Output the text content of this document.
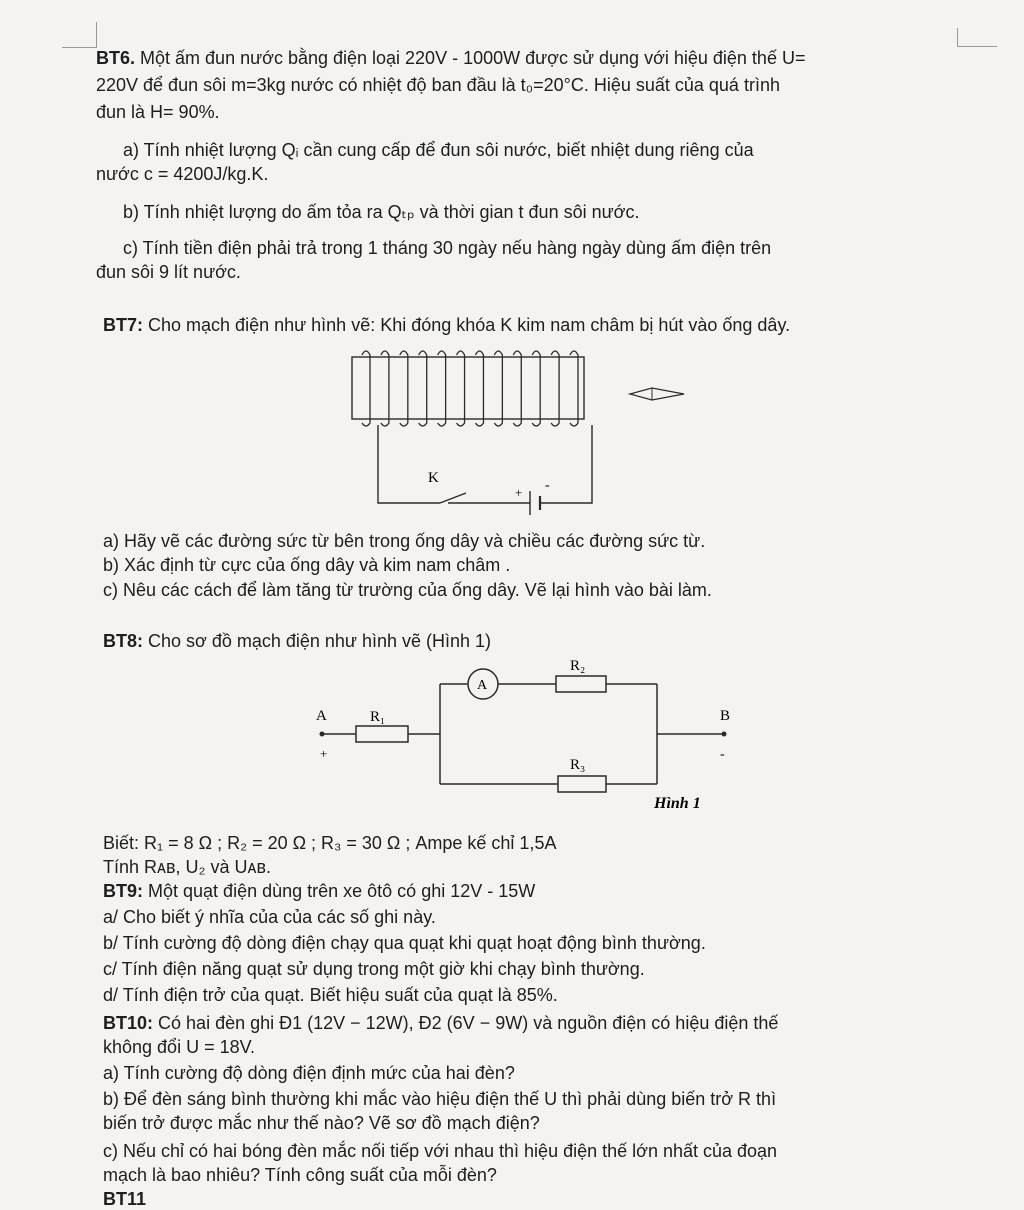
BT6. Một ấm đun nước bằng điện loại 220V - 1000W được sử dụng với hiệu điện thế U=
220V để đun sôi m=3kg nước có nhiệt độ ban đầu là t₀=20°C. Hiệu suất của quá trình
đun là H= 90%.
a) Tính nhiệt lượng Qᵢ cần cung cấp để đun sôi nước, biết nhiệt dung riêng của
nước c = 4200J/kg.K.
b) Tính nhiệt lượng do ấm tỏa ra Qₜₚ và thời gian t đun sôi nước.
c) Tính tiền điện phải trả trong 1 tháng 30 ngày nếu hàng ngày dùng ấm điện trên
đun sôi 9 lít nước.
BT7: Cho mạch điện như hình vẽ: Khi đóng khóa K kim nam châm bị hút vào ống dây.
K
+ -
a) Hãy vẽ các đường sức từ bên trong ống dây và chiều các đường sức từ.
b) Xác định từ cực của ống dây và kim nam châm .
c) Nêu các cách để làm tăng từ trường của ống dây. Vẽ lại hình vào bài làm.
BT8: Cho sơ đồ mạch điện như hình vẽ (Hình 1)
R₁
A
R₂
R₃
A	B
+	-
Hình 1
Biết: R₁ = 8 Ω ; R₂ = 20 Ω ; R₃ = 30 Ω ; Ampe kế chỉ 1,5A
Tính Rᴀʙ, U₂ và Uᴀʙ.
BT9: Một quạt điện dùng trên xe ôtô có ghi 12V - 15W
a/ Cho biết ý nhĩa của của các số ghi này.
b/ Tính cường độ dòng điện chạy qua quạt khi quạt hoạt động bình thường.
c/ Tính điện năng quạt sử dụng trong một giờ khi chạy bình thường.
d/ Tính điện trở của quạt. Biết hiệu suất của quạt là 85%.
BT10: Có hai đèn ghi Đ1 (12V − 12W), Đ2 (6V − 9W) và nguồn điện có hiệu điện thế
không đổi U = 18V.
a) Tính cường độ dòng điện định mức của hai đèn?
b) Để đèn sáng bình thường khi mắc vào hiệu điện thế U thì phải dùng biến trở R thì
biến trở được mắc như thế nào? Vẽ sơ đồ mạch điện?
c) Nếu chỉ có hai bóng đèn mắc nối tiếp với nhau thì hiệu điện thế lớn nhất của đoạn
mạch là bao nhiêu? Tính công suất của mỗi đèn?
BT11
